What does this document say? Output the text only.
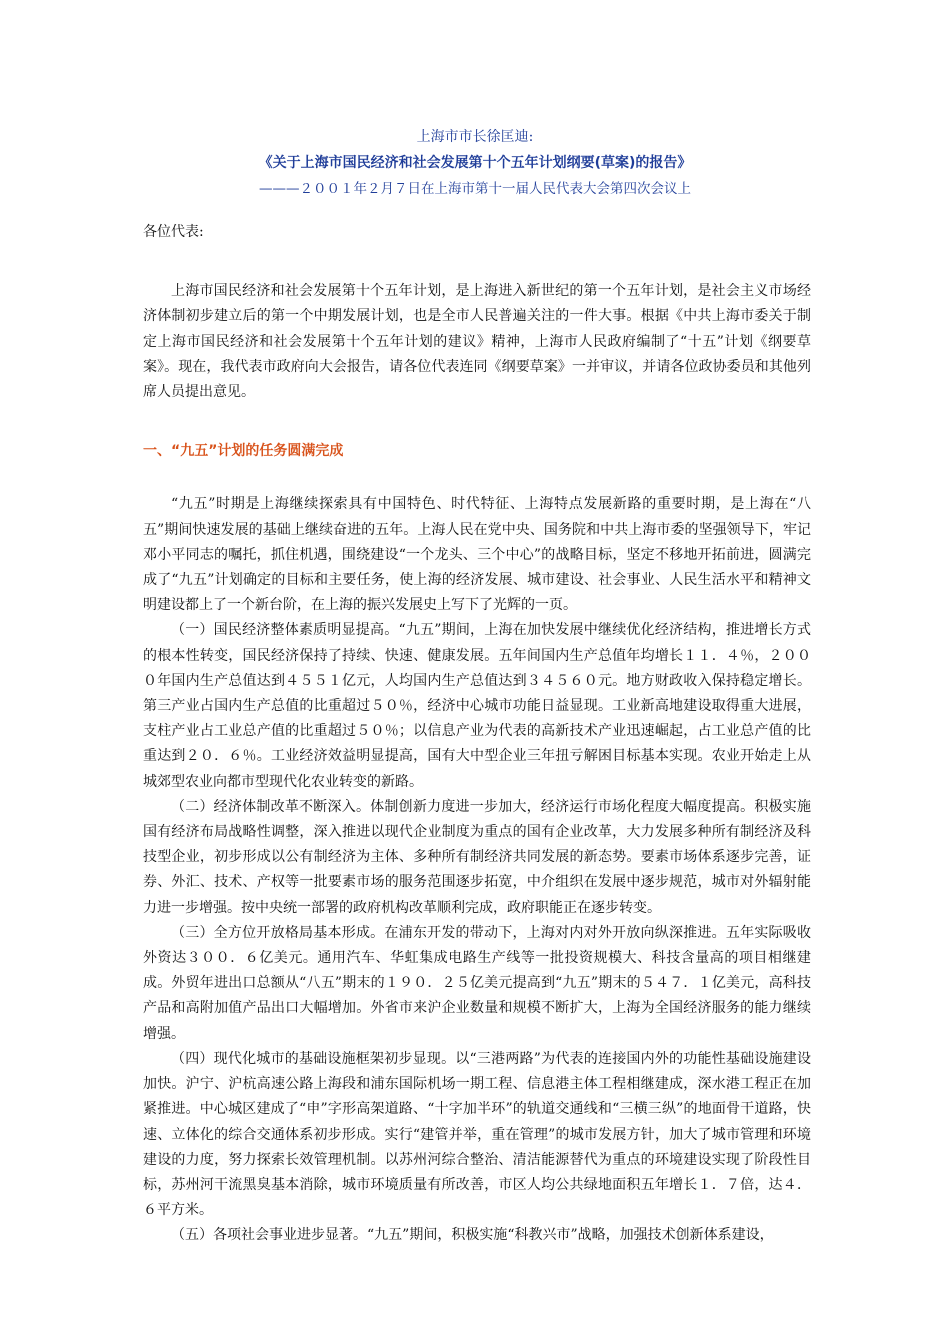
上海市市长徐匡迪:
《关于上海市国民经济和社会发展第十个五年计划纲要(草案)的报告》
———２００１年２月７日在上海市第十一届人民代表大会第四次会议上

各位代表:

上海市国民经济和社会发展第十个五年计划，是上海进入新世纪的第一个五年计划，是社会主义市场经济体制初步建立后的第一个中期发展计划，也是全市人民普遍关注的一件大事。根据《中共上海市委关于制定上海市国民经济和社会发展第十个五年计划的建议》精神，上海市人民政府编制了“十五”计划《纲要草案》。现在，我代表市政府向大会报告，请各位代表连同《纲要草案》一并审议，并请各位政协委员和其他列席人员提出意见。

一、“九五”计划的任务圆满完成

“九五”时期是上海继续探索具有中国特色、时代特征、上海特点发展新路的重要时期，是上海在“八五”期间快速发展的基础上继续奋进的五年。上海人民在党中央、国务院和中共上海市委的坚强领导下，牢记邓小平同志的嘱托，抓住机遇，围绕建设“一个龙头、三个中心”的战略目标，坚定不移地开拓前进，圆满完成了“九五”计划确定的目标和主要任务，使上海的经济发展、城市建设、社会事业、人民生活水平和精神文明建设都上了一个新台阶，在上海的振兴发展史上写下了光辉的一页。

（一）国民经济整体素质明显提高。“九五”期间，上海在加快发展中继续优化经济结构，推进增长方式的根本性转变，国民经济保持了持续、快速、健康发展。五年间国内生产总值年均增长１１．４％，２０００年国内生产总值达到４５５１亿元，人均国内生产总值达到３４５６０元。地方财政收入保持稳定增长。第三产业占国内生产总值的比重超过５０％，经济中心城市功能日益显现。工业新高地建设取得重大进展，支柱产业占工业总产值的比重超过５０％；以信息产业为代表的高新技术产业迅速崛起，占工业总产值的比重达到２０．６％。工业经济效益明显提高，国有大中型企业三年扭亏解困目标基本实现。农业开始走上从城郊型农业向都市型现代化农业转变的新路。

（二）经济体制改革不断深入。体制创新力度进一步加大，经济运行市场化程度大幅度提高。积极实施国有经济布局战略性调整，深入推进以现代企业制度为重点的国有企业改革，大力发展多种所有制经济及科技型企业，初步形成以公有制经济为主体、多种所有制经济共同发展的新态势。要素市场体系逐步完善，证券、外汇、技术、产权等一批要素市场的服务范围逐步拓宽，中介组织在发展中逐步规范，城市对外辐射能力进一步增强。按中央统一部署的政府机构改革顺利完成，政府职能正在逐步转变。

（三）全方位开放格局基本形成。在浦东开发的带动下，上海对内对外开放向纵深推进。五年实际吸收外资达３００．６亿美元。通用汽车、华虹集成电路生产线等一批投资规模大、科技含量高的项目相继建成。外贸年进出口总额从“八五”期末的１９０．２５亿美元提高到“九五”期末的５４７．１亿美元，高科技产品和高附加值产品出口大幅增加。外省市来沪企业数量和规模不断扩大，上海为全国经济服务的能力继续增强。

（四）现代化城市的基础设施框架初步显现。以“三港两路”为代表的连接国内外的功能性基础设施建设加快。沪宁、沪杭高速公路上海段和浦东国际机场一期工程、信息港主体工程相继建成，深水港工程正在加紧推进。中心城区建成了“申”字形高架道路、“十字加半环”的轨道交通线和“三横三纵”的地面骨干道路，快速、立体化的综合交通体系初步形成。实行“建管并举，重在管理”的城市发展方针，加大了城市管理和环境建设的力度，努力探索长效管理机制。以苏州河综合整治、清洁能源替代为重点的环境建设实现了阶段性目标，苏州河干流黑臭基本消除，城市环境质量有所改善，市区人均公共绿地面积五年增长１．７倍，达４．６平方米。

（五）各项社会事业进步显著。“九五”期间，积极实施“科教兴市”战略，加强技术创新体系建设，
